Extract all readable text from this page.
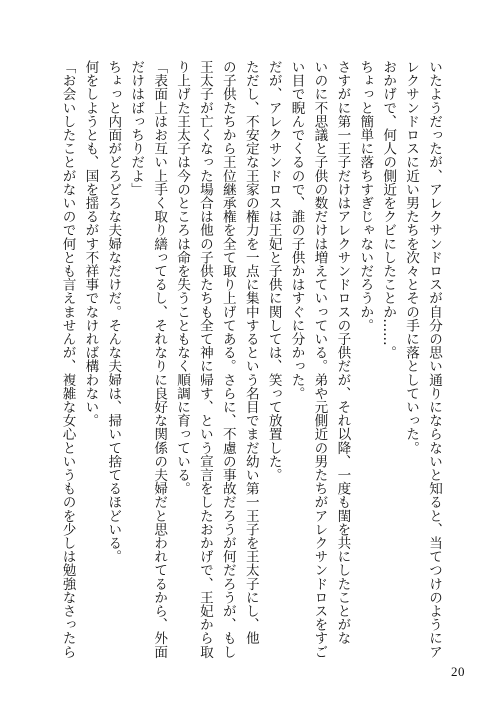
いたようだったが、アレクサンドロスが自分の思い通りにならないと知ると、当てつけのようにア

レクサンドロスに近い男たちを次々とその手に落としていった。

おかげで、何人の側近をクビにしたことか……。

ちょっと簡単に落ちすぎじゃないだろうか。

さすがに第一王子だけはアレクサンドロスの子供だが、それ以降、一度も閨を共にしたことがな

いのに不思議と子供の数だけは増えていっている。弟や元側近の男たちがアレクサンドロスをすご

い目で睨んでくるので、誰の子供かはすぐに分かった。

だが、アレクサンドロスは王妃と子供に関しては、笑って放置した。

ただし、不安定な王家の権力を一点に集中するという名目でまだ幼い第一王子を王太子にし、他

の子供たちから王位継承権を全て取り上げてある。さらに、不慮の事故だろうが何だろうが、もし

王太子が亡くなった場合は他の子供たちも全て神に帰す、という宣言をしたおかげで、王妃から取

り上げた王太子は今のところは命を失うこともなく順調に育っている。

「表面上はお互い上手く取り繕ってるし、それなりに良好な関係の夫婦だと思われてるから、外面

だけはばっちりだよ」

ちょっと内面がどろどろな夫婦なだけだ。そんな夫婦は、掃いて捨てるほどいる。

何をしようとも、国を揺るがす不祥事でなければ構わない。

「お会いしたことがないので何とも言えませんが、複雑な女心というものを少しは勉強なさったら

20
